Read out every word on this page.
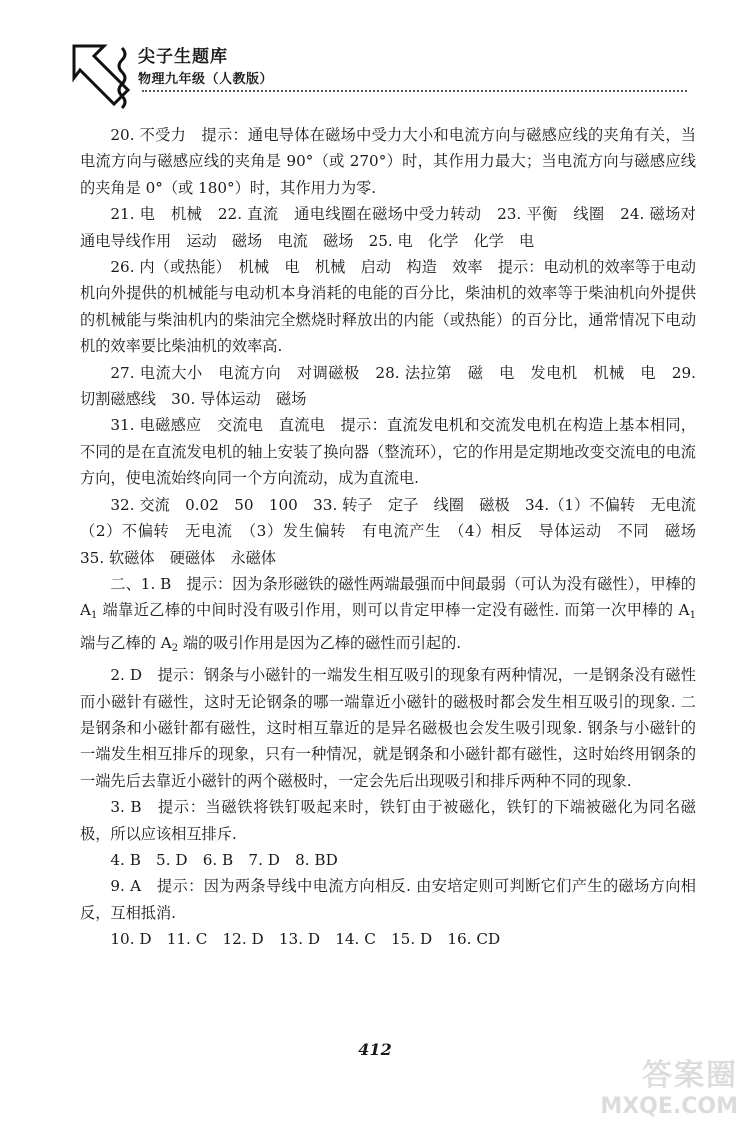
尖子生题库
物理九年级（人教版）

20. 不受力　提示：通电导体在磁场中受力大小和电流方向与磁感应线的夹角有关，当电流方向与磁感应线的夹角是 90°（或 270°）时，其作用力最大；当电流方向与磁感应线的夹角是 0°（或 180°）时，其作用力为零.

21. 电　机械　22. 直流　通电线圈在磁场中受力转动　23. 平衡　线圈　24. 磁场对通电导线作用　运动　磁场　电流　磁场　25. 电　化学　化学　电

26. 内（或热能）　机械　电　机械　启动　构造　效率　提示：电动机的效率等于电动机向外提供的机械能与电动机本身消耗的电能的百分比，柴油机的效率等于柴油机向外提供的机械能与柴油机内的柴油完全燃烧时释放出的内能（或热能）的百分比，通常情况下电动机的效率要比柴油机的效率高.

27. 电流大小　电流方向　对调磁极　28. 法拉第　磁　电　发电机　机械　电　29. 切割磁感线　30. 导体运动　磁场

31. 电磁感应　交流电　直流电　提示：直流发电机和交流发电机在构造上基本相同，不同的是在直流发电机的轴上安装了换向器（整流环），它的作用是定期地改变交流电的电流方向，使电流始终向同一个方向流动，成为直流电.

32. 交流　0.02　50　100　33. 转子　定子　线圈　磁极　34.（1）不偏转　无电流　（2）不偏转　无电流　（3）发生偏转　有电流产生　（4）相反　导体运动　不同　磁场　35. 软磁体　硬磁体　永磁体

二、1. B　提示：因为条形磁铁的磁性两端最强而中间最弱（可认为没有磁性），甲棒的 $A_1$ 端靠近乙棒的中间时没有吸引作用，则可以肯定甲棒一定没有磁性. 而第一次甲棒的 $A_1$ 端与乙棒的 $A_2$ 端的吸引作用是因为乙棒的磁性而引起的.

2. D　提示：钢条与小磁针的一端发生相互吸引的现象有两种情况，一是钢条没有磁性而小磁针有磁性，这时无论钢条的哪一端靠近小磁针的磁极时都会发生相互吸引的现象. 二是钢条和小磁针都有磁性，这时相互靠近的是异名磁极也会发生吸引现象. 钢条与小磁针的一端发生相互排斥的现象，只有一种情况，就是钢条和小磁针都有磁性，这时始终用钢条的一端先后去靠近小磁针的两个磁极时，一定会先后出现吸引和排斥两种不同的现象.

3. B　提示：当磁铁将铁钉吸起来时，铁钉由于被磁化，铁钉的下端被磁化为同名磁极，所以应该相互排斥.

4. B　5. D　6. B　7. D　8. BD

9. A　提示：因为两条导线中电流方向相反. 由安培定则可判断它们产生的磁场方向相反，互相抵消.

10. D　11. C　12. D　13. D　14. C　15. D　16. CD

412
答案圈
MXQE.COM
